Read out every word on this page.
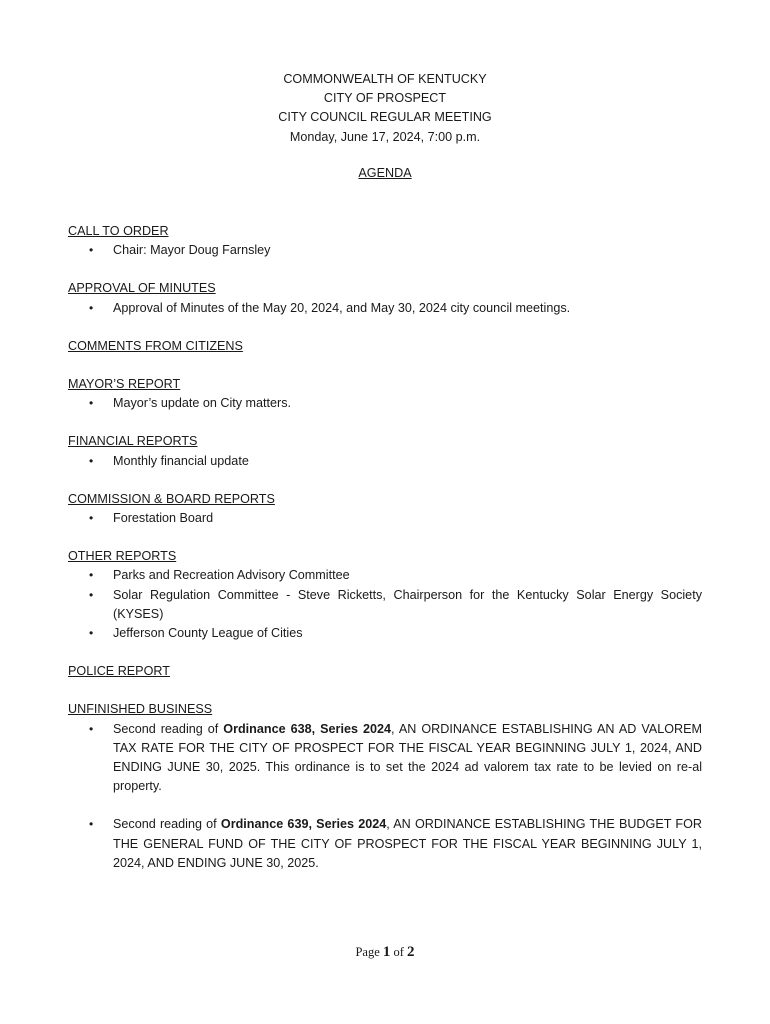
COMMONWEALTH OF KENTUCKY
CITY OF PROSPECT
CITY COUNCIL REGULAR MEETING
Monday, June 17, 2024, 7:00 p.m.
AGENDA
CALL TO ORDER
• Chair: Mayor Doug Farnsley
APPROVAL OF MINUTES
• Approval of Minutes of the May 20, 2024, and May 30, 2024 city council meetings.
COMMENTS FROM CITIZENS
MAYOR’S REPORT
• Mayor’s update on City matters.
FINANCIAL REPORTS
• Monthly financial update
COMMISSION & BOARD REPORTS
• Forestation Board
OTHER REPORTS
• Parks and Recreation Advisory Committee
• Solar Regulation Committee - Steve Ricketts, Chairperson for the Kentucky Solar Energy Society (KYSES)
• Jefferson County League of Cities
POLICE REPORT
UNFINISHED BUSINESS
• Second reading of Ordinance 638, Series 2024, AN ORDINANCE ESTABLISHING AN AD VALOREM TAX RATE FOR THE CITY OF PROSPECT FOR THE FISCAL YEAR BEGINNING JULY 1, 2024, AND ENDING JUNE 30, 2025. This ordinance is to set the 2024 ad valorem tax rate to be levied on re-al property.
• Second reading of Ordinance 639, Series 2024, AN ORDINANCE ESTABLISHING THE BUDGET FOR THE GENERAL FUND OF THE CITY OF PROSPECT FOR THE FISCAL YEAR BEGINNING JULY 1, 2024, AND ENDING JUNE 30, 2025.
Page 1 of 2
